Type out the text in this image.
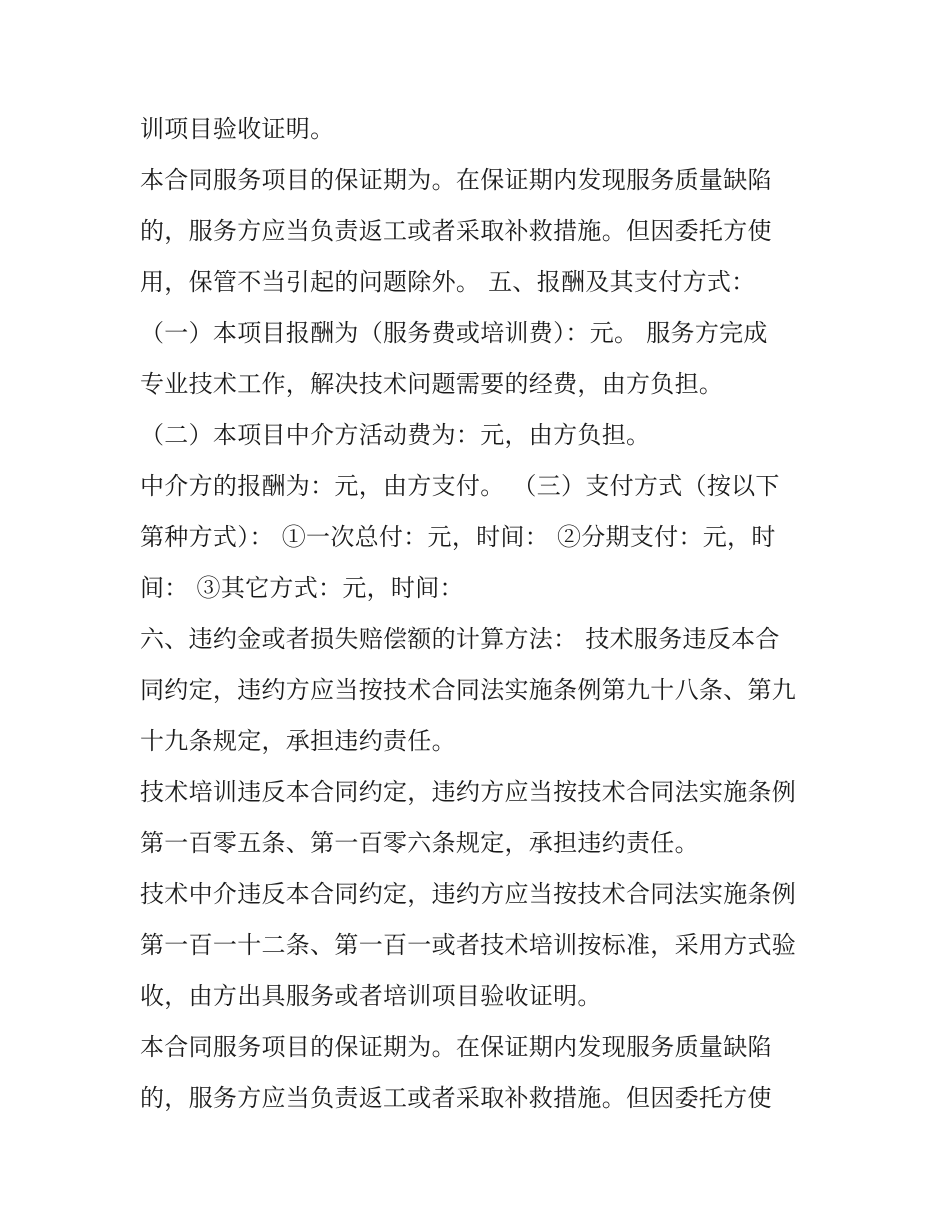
训项目验收证明。
本合同服务项目的保证期为。在保证期内发现服务质量缺陷
的，服务方应当负责返工或者采取补救措施。但因委托方使
用，保管不当引起的问题除外。 五、报酬及其支付方式：
（一）本项目报酬为（服务费或培训费）：元。 服务方完成
专业技术工作，解决技术问题需要的经费，由方负担。
（二）本项目中介方活动费为：元，由方负担。
中介方的报酬为：元，由方支付。 （三）支付方式（按以下
第种方式）： ①一次总付：元，时间： ②分期支付：元，时
间： ③其它方式：元，时间：
六、违约金或者损失赔偿额的计算方法： 技术服务违反本合
同约定，违约方应当按技术合同法实施条例第九十八条、第九
十九条规定，承担违约责任。
技术培训违反本合同约定，违约方应当按技术合同法实施条例
第一百零五条、第一百零六条规定，承担违约责任。
技术中介违反本合同约定，违约方应当按技术合同法实施条例
第一百一十二条、第一百一或者技术培训按标准，采用方式验
收，由方出具服务或者培训项目验收证明。
本合同服务项目的保证期为。在保证期内发现服务质量缺陷
的，服务方应当负责返工或者采取补救措施。但因委托方使
